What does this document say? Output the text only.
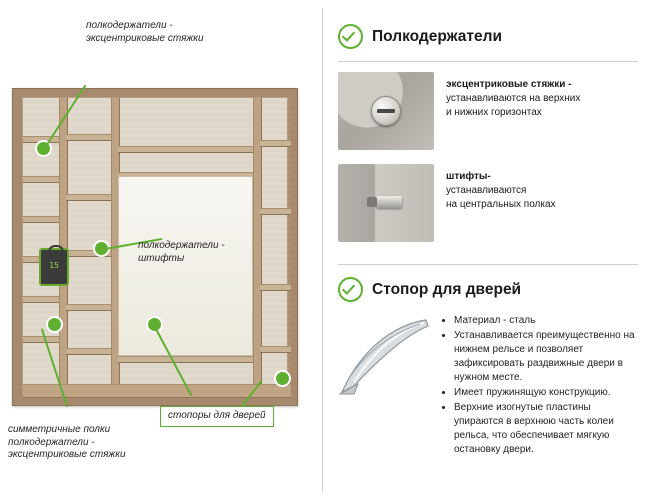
15
полкодержатели -
эксцентриковые стяжки
полкодержатели -
штифты
стопоры для дверей
симметричные полки
полкодержатели -
эксцентриковые стяжки
Полкодержатели
эксцентриковые стяжки -
устанавливаются на верхних
и нижних горизонтах
штифты-
устанавливаются
на центральных полках
Стопор для дверей
• Материал - сталь
• Устанавливается преимущественно на нижнем рельсе и позволяет зафиксировать раздвижные двери в нужном месте.
• Имеет пружинящую конструкцию.
• Верхние изогнутые пластины упираются в верхнюю часть колеи рельса, что обеспечивает мягкую остановку двери.
